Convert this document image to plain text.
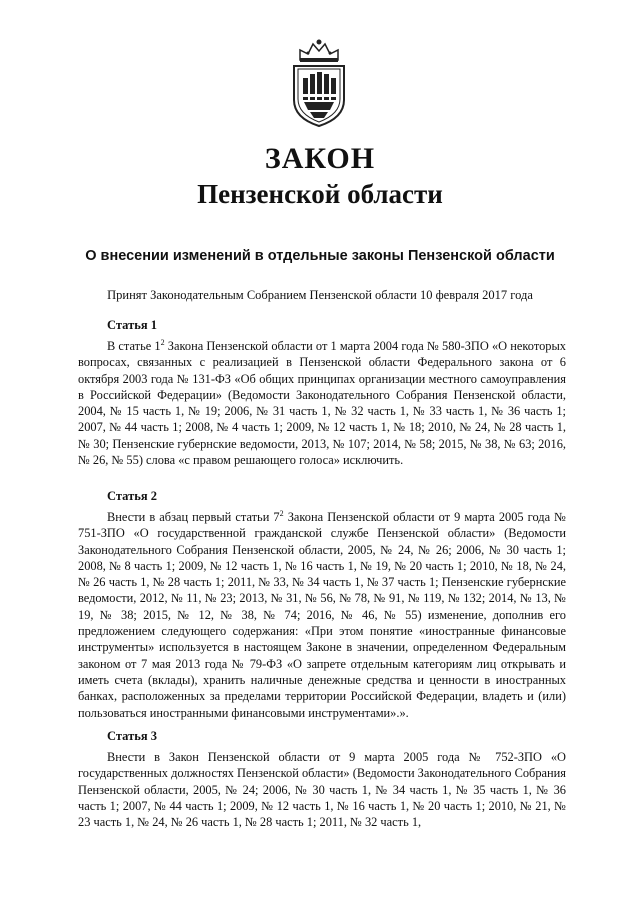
ЗАКОН
Пензенской области
О внесении изменений в отдельные законы Пензенской области
Принят Законодательным Собранием Пензенской области 10 февраля 2017 года
Статья 1

В статье $1^2$ Закона Пензенской области от 1 марта 2004 года № 580-ЗПО «О некоторых вопросах, связанных с реализацией в Пензенской области Федерального закона от 6 октября 2003 года № 131-ФЗ «Об общих принципах организации местного самоуправления в Российской Федерации» (Ведомости Законодательного Собрания Пензенской области, 2004, № 15 часть 1, № 19; 2006, № 31 часть 1, № 32 часть 1, № 33 часть 1, № 36 часть 1; 2007, № 44 часть 1; 2008, № 4 часть 1; 2009, № 12 часть 1, № 18; 2010, № 24, № 28 часть 1, № 30; Пензенские губернские ведомости, 2013, № 107; 2014, № 58; 2015, № 38, № 63; 2016, № 26, № 55) слова «с правом решающего голоса» исключить.

Статья 2

Внести в абзац первый статьи $7^2$ Закона Пензенской области от 9 марта 2005 года № 751-ЗПО «О государственной гражданской службе Пензенской области» (Ведомости Законодательного Собрания Пензенской области, 2005, № 24, № 26; 2006, № 30 часть 1; 2008, № 8 часть 1; 2009, № 12 часть 1, № 16 часть 1, № 19, № 20 часть 1; 2010, № 18, № 24, № 26 часть 1, № 28 часть 1; 2011, № 33, № 34 часть 1, № 37 часть 1; Пензенские губернские ведомости, 2012, № 11, № 23; 2013, № 31, № 56, № 78, № 91, № 119, № 132; 2014, № 13, № 19, № 38; 2015, № 12, № 38, № 74; 2016, № 46, № 55) изменение, дополнив его предложением следующего содержания: «При этом понятие «иностранные финансовые инструменты» используется в настоящем Законе в значении, определенном Федеральным законом от 7 мая 2013 года № 79-ФЗ «О запрете отдельным категориям лиц открывать и иметь счета (вклады), хранить наличные денежные средства и ценности в иностранных банках, расположенных за пределами территории Российской Федерации, владеть и (или) пользоваться иностранными финансовыми инструментами».».

Статья 3

Внести в Закон Пензенской области от 9 марта 2005 года № 752-ЗПО «О государственных должностях Пензенской области» (Ведомости Законодательного Собрания Пензенской области, 2005, № 24; 2006, № 30 часть 1, № 34 часть 1, № 35 часть 1, № 36 часть 1; 2007, № 44 часть 1; 2009, № 12 часть 1, № 16 часть 1, № 20 часть 1; 2010, № 21, № 23 часть 1, № 24, № 26 часть 1, № 28 часть 1; 2011, № 32 часть 1,
